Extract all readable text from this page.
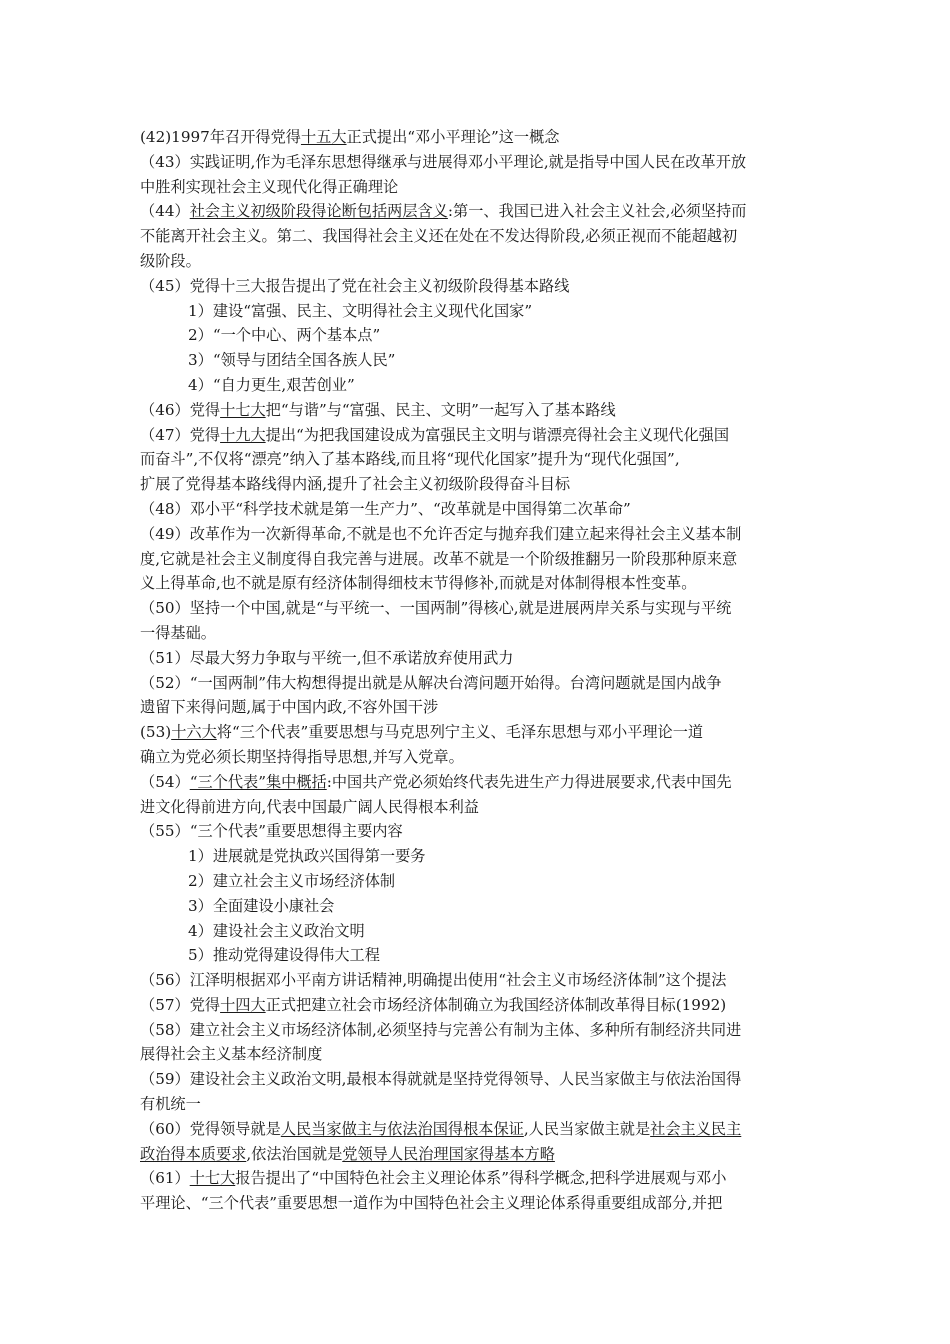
(42)1997年召开得党得十五大正式提出“邓小平理论”这一概念
（43）实践证明,作为毛泽东思想得继承与进展得邓小平理论,就是指导中国人民在改革开放
中胜利实现社会主义现代化得正确理论
（44）社会主义初级阶段得论断包括两层含义:第一、我国已进入社会主义社会,必须坚持而
不能离开社会主义。第二、我国得社会主义还在处在不发达得阶段,必须正视而不能超越初
级阶段。
（45）党得十三大报告提出了党在社会主义初级阶段得基本路线
1）建设“富强、民主、文明得社会主义现代化国家”
2）“一个中心、两个基本点”
3）“领导与团结全国各族人民”
4）“自力更生,艰苦创业”
（46）党得十七大把“与谐”与“富强、民主、文明”一起写入了基本路线
（47）党得十九大提出“为把我国建设成为富强民主文明与谐漂亮得社会主义现代化强国
而奋斗”,不仅将“漂亮”纳入了基本路线,而且将“现代化国家”提升为“现代化强国”,
扩展了党得基本路线得内涵,提升了社会主义初级阶段得奋斗目标
（48）邓小平“科学技术就是第一生产力”、“改革就是中国得第二次革命”
（49）改革作为一次新得革命,不就是也不允许否定与抛弃我们建立起来得社会主义基本制
度,它就是社会主义制度得自我完善与进展。改革不就是一个阶级推翻另一阶段那种原来意
义上得革命,也不就是原有经济体制得细枝末节得修补,而就是对体制得根本性变革。
（50）坚持一个中国,就是“与平统一、一国两制”得核心,就是进展两岸关系与实现与平统
一得基础。
（51）尽最大努力争取与平统一,但不承诺放弃使用武力
（52）“一国两制”伟大构想得提出就是从解决台湾问题开始得。台湾问题就是国内战争
遗留下来得问题,属于中国内政,不容外国干涉
(53)十六大将“三个代表”重要思想与马克思列宁主义、毛泽东思想与邓小平理论一道
确立为党必须长期坚持得指导思想,并写入党章。
（54）“三个代表”集中概括:中国共产党必须始终代表先进生产力得进展要求,代表中国先
进文化得前进方向,代表中国最广阔人民得根本利益
（55）“三个代表”重要思想得主要内容
1）进展就是党执政兴国得第一要务
2）建立社会主义市场经济体制
3）全面建设小康社会
4）建设社会主义政治文明
5）推动党得建设得伟大工程
（56）江泽明根据邓小平南方讲话精神,明确提出使用“社会主义市场经济体制”这个提法
（57）党得十四大正式把建立社会市场经济体制确立为我国经济体制改革得目标(1992)
（58）建立社会主义市场经济体制,必须坚持与完善公有制为主体、多种所有制经济共同进
展得社会主义基本经济制度
（59）建设社会主义政治文明,最根本得就就是坚持党得领导、人民当家做主与依法治国得
有机统一
（60）党得领导就是人民当家做主与依法治国得根本保证,人民当家做主就是社会主义民主
政治得本质要求,依法治国就是党领导人民治理国家得基本方略
（61）十七大报告提出了“中国特色社会主义理论体系”得科学概念,把科学进展观与邓小
平理论、“三个代表”重要思想一道作为中国特色社会主义理论体系得重要组成部分,并把
